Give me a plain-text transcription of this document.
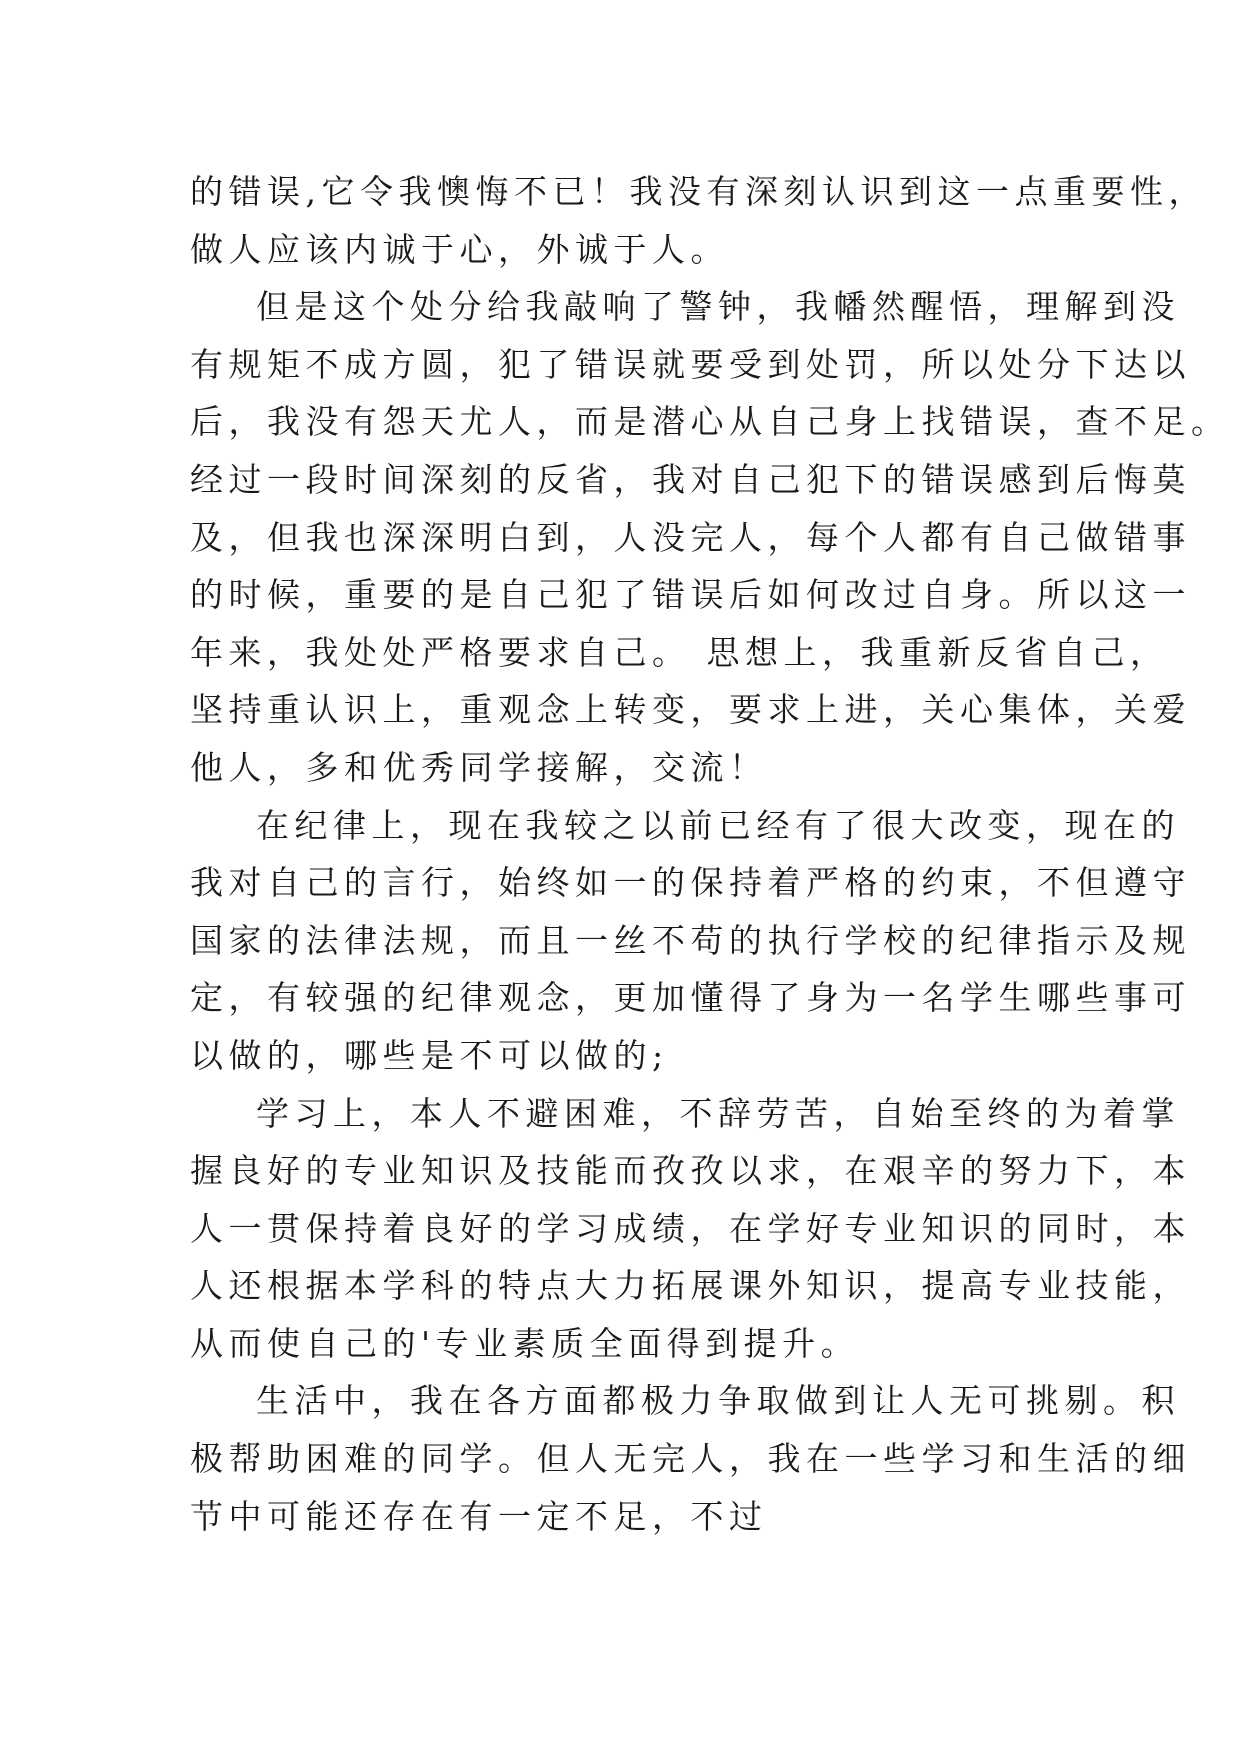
的错误,它令我懊悔不已！我没有深刻认识到这一点重要性，
做人应该内诚于心，外诚于人。
但是这个处分给我敲响了警钟，我幡然醒悟，理解到没
有规矩不成方圆，犯了错误就要受到处罚，所以处分下达以
后，我没有怨天尤人，而是潜心从自己身上找错误，查不足。
经过一段时间深刻的反省，我对自己犯下的错误感到后悔莫
及，但我也深深明白到，人没完人，每个人都有自己做错事
的时候，重要的是自己犯了错误后如何改过自身。所以这一
年来，我处处严格要求自己。 思想上，我重新反省自己，
坚持重认识上，重观念上转变，要求上进，关心集体，关爱
他人，多和优秀同学接解，交流！
在纪律上，现在我较之以前已经有了很大改变，现在的
我对自己的言行，始终如一的保持着严格的约束，不但遵守
国家的法律法规，而且一丝不苟的执行学校的纪律指示及规
定，有较强的纪律观念，更加懂得了身为一名学生哪些事可
以做的，哪些是不可以做的;
学习上，本人不避困难，不辞劳苦，自始至终的为着掌
握良好的专业知识及技能而孜孜以求，在艰辛的努力下，本
人一贯保持着良好的学习成绩，在学好专业知识的同时，本
人还根据本学科的特点大力拓展课外知识，提高专业技能，
从而使自己的'专业素质全面得到提升。
生活中，我在各方面都极力争取做到让人无可挑剔。积
极帮助困难的同学。但人无完人，我在一些学习和生活的细
节中可能还存在有一定不足，不过
